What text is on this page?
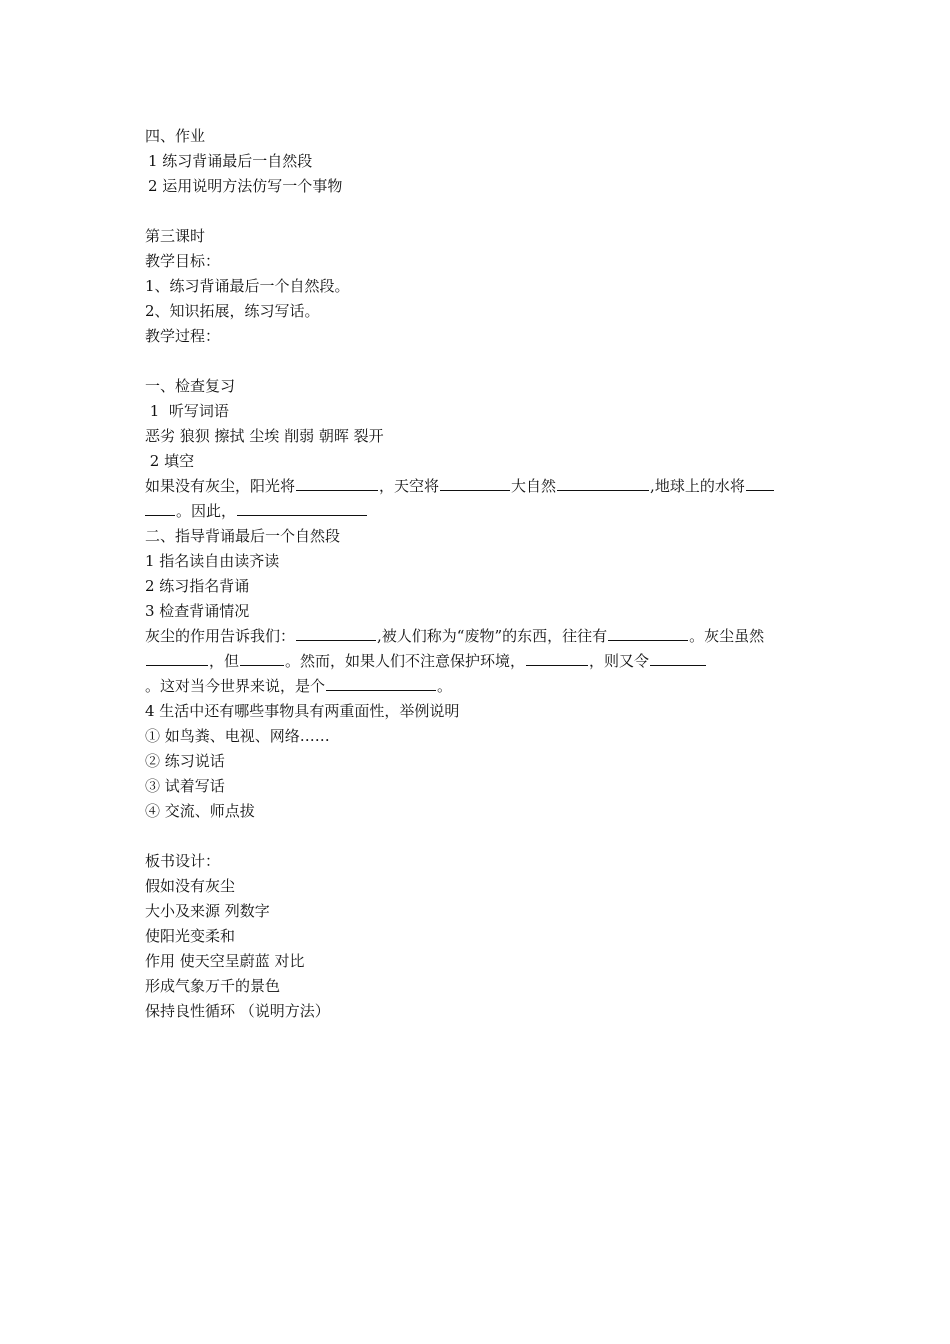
四、作业
1 练习背诵最后一自然段
2 运用说明方法仿写一个事物
第三课时
教学目标：
1、练习背诵最后一个自然段。
2、知识拓展，练习写话。
教学过程：
一、检查复习
1  听写词语
恶劣 狼狈 擦拭 尘埃 削弱 朝晖 裂开
2 填空
如果没有灰尘，阳光将	，天空将	大自然	,地球上的水将
。因此，
二、指导背诵最后一个自然段
1 指名读自由读齐读
2 练习指名背诵
3 检查背诵情况
灰尘的作用告诉我们：	,被人们称为“废物”的东西，往往有	。灰尘虽然
，但	。然而，如果人们不注意保护环境，	，则又令
。这对当今世界来说，是个	。
4 生活中还有哪些事物具有两重面性，举例说明
① 如鸟粪、电视、网络……
② 练习说话
③ 试着写话
④ 交流、师点拔
板书设计：
假如没有灰尘
大小及来源 列数字
使阳光变柔和
作用 使天空呈蔚蓝 对比
形成气象万千的景色
保持良性循环 （说明方法）
